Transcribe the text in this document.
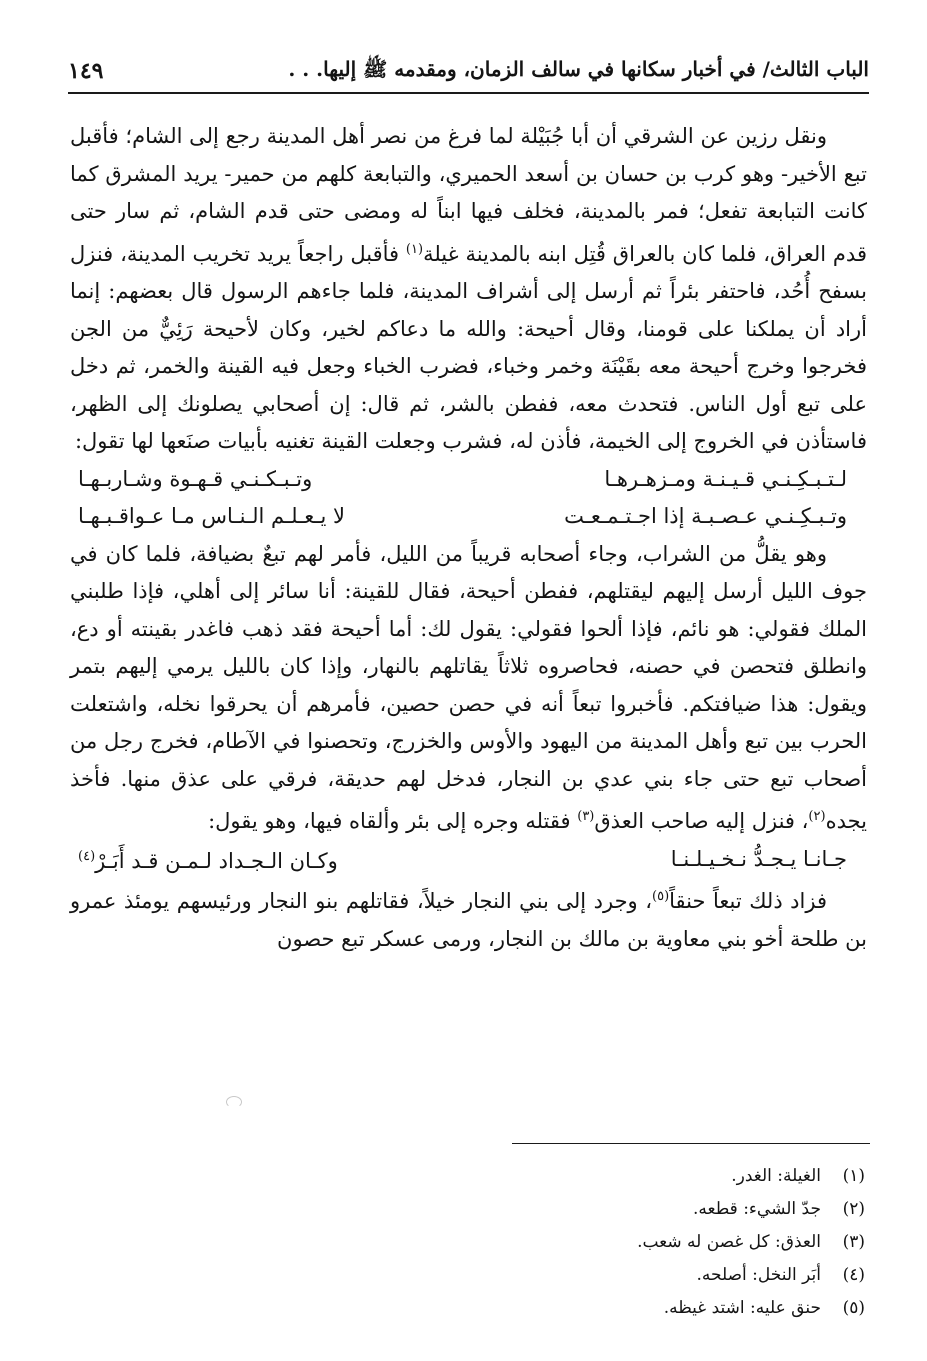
الباب الثالث/ في أخبار سكانها في سالف الزمان، ومقدمه ﷺ إليها. . .
١٤٩

ونقل رزين عن الشرقي أن أبا جُبَيْلة لما فرغ من نصر أهل المدينة رجع إلى الشام؛ فأقبل تبع الأخير- وهو كرب بن حسان بن أسعد الحميري، والتبابعة كلهم من حمير- يريد المشرق كما كانت التبابعة تفعل؛ فمر بالمدينة، فخلف فيها ابناً له ومضى حتى قدم الشام، ثم سار حتى قدم العراق، فلما كان بالعراق قُتِل ابنه بالمدينة غيلة$^{(١)}$ فأقبل راجعاً يريد تخريب المدينة، فنزل بسفح أُحُد، فاحتفر بئراً ثم أرسل إلى أشراف المدينة، فلما جاءهم الرسول قال بعضهم: إنما أراد أن يملكنا على قومنا، وقال أحيحة: والله ما دعاكم لخير، وكان لأحيحة رَئِيٌّ من الجن فخرجوا وخرج أحيحة معه بقَيْنَة وخمر وخباء، فضرب الخباء وجعل فيه القينة والخمر، ثم دخل على تبع أول الناس. فتحدث معه، ففطن بالشر، ثم قال: إن أصحابي يصلونك إلى الظهر، فاستأذن في الخروج إلى الخيمة، فأذن له، فشرب وجعلت القينة تغنيه بأبيات صنَعها لها تقول:

لـتـبـكِـنـي قـيـنـة ومـزهـرهـا
وتـبـكـنـي قـهـوة وشـاربـهـا
وتـبـكِـنـي عـصـبـة إذا اجـتـمـعـت
لا يـعـلـم الـنـاس مـا عـواقـبـهـا

وهو يقلُّ من الشراب، وجاء أصحابه قريباً من الليل، فأمر لهم تبعٌ بضيافة، فلما كان في جوف الليل أرسل إليهم ليقتلهم، ففطن أحيحة، فقال للقينة: أنا سائر إلى أهلي، فإذا طلبني الملك فقولي: هو نائم، فإذا ألحوا فقولي: يقول لك: أما أحيحة فقد ذهب فاغدر بقينته أو دع، وانطلق فتحصن في حصنه، فحاصروه ثلاثاً يقاتلهم بالنهار، وإذا كان بالليل يرمي إليهم بتمر ويقول: هذا ضيافتكم. فأخبروا تبعاً أنه في حصن حصين، فأمرهم أن يحرقوا نخله، واشتعلت الحرب بين تبع وأهل المدينة من اليهود والأوس والخزرج، وتحصنوا في الآطام، فخرج رجل من أصحاب تبع حتى جاء بني عدي بن النجار، فدخل لهم حديقة، فرقي على عذق منها. فأخذ يجده$^{(٢)}$، فنزل إليه صاحب العذق$^{(٣)}$ فقتله وجره إلى بئر وألقاه فيها، وهو يقول:

جـانـا يـجـدُّ نـخـيـلـنـا
وكـان الـجـداد لـمـن قـد أَبَـرْ$^{(٤)}$

فزاد ذلك تبعاً حنقاً$^{(٥)}$، وجرد إلى بني النجار خيلاً، فقاتلهم بنو النجار ورئيسهم يومئذ عمرو بن طلحة أخو بني معاوية بن مالك بن النجار، ورمى عسكر تبع حصون

(١)الغيلة: الغدر.
(٢)جدّ الشيء: قطعه.
(٣)العذق: كل غصن له شعب.
(٤)أبَر النخل: أصلحه.
(٥)حنق عليه: اشتد غيظه.
